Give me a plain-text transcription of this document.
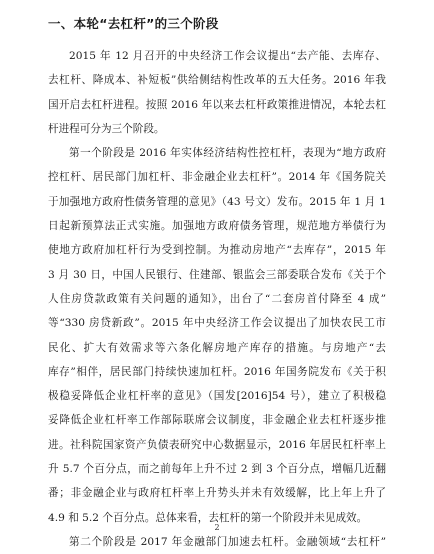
一、本轮“去杠杆”的三个阶段
2015 年 12 月召开的中央经济工作会议提出“去产能、去库存、
去杠杆、降成本、补短板”供给侧结构性改革的五大任务。2016 年我
国开启去杠杆进程。按照 2016 年以来去杠杆政策推进情况，本轮去杠
杆进程可分为三个阶段。
第一个阶段是 2016 年实体经济结构性控杠杆，表现为“地方政府
控杠杆、居民部门加杠杆、非金融企业去杠杆”。2014 年《国务院关
于加强地方政府性债务管理的意见》（43 号文）发布。2015 年 1 月 1
日起新预算法正式实施。加强地方政府债务管理，规范地方举债行为
使地方政府加杠杆行为受到控制。为推动房地产“去库存”，2015 年
3 月 30 日，中国人民银行、住建部、银监会三部委联合发布《关于个
人住房贷款政策有关问题的通知》，出台了“二套房首付降至 4 成”
等“330 房贷新政”。2015 年中央经济工作会议提出了加快农民工市
民化、扩大有效需求等六条化解房地产库存的措施。与房地产“去
库存”相伴，居民部门持续快速加杠杆。2016 年国务院发布《关于积
极稳妥降低企业杠杆率的意见》（国发[2016]54 号），建立了积极稳
妥降低企业杠杆率工作部际联席会议制度，非金融企业去杠杆逐步推
进。社科院国家资产负债表研究中心数据显示，2016 年居民杠杆率上
升 5.7 个百分点，而之前每年上升不过 2 到 3 个百分点，增幅几近翻
番；非金融企业与政府杠杆率上升势头并未有效缓解，比上年上升了
4.9 和 5.2 个百分点。总体来看，去杠杆的第一个阶段并未见成效。
第二个阶段是 2017 年金融部门加速去杠杆。金融领域“去杠杆”
2
